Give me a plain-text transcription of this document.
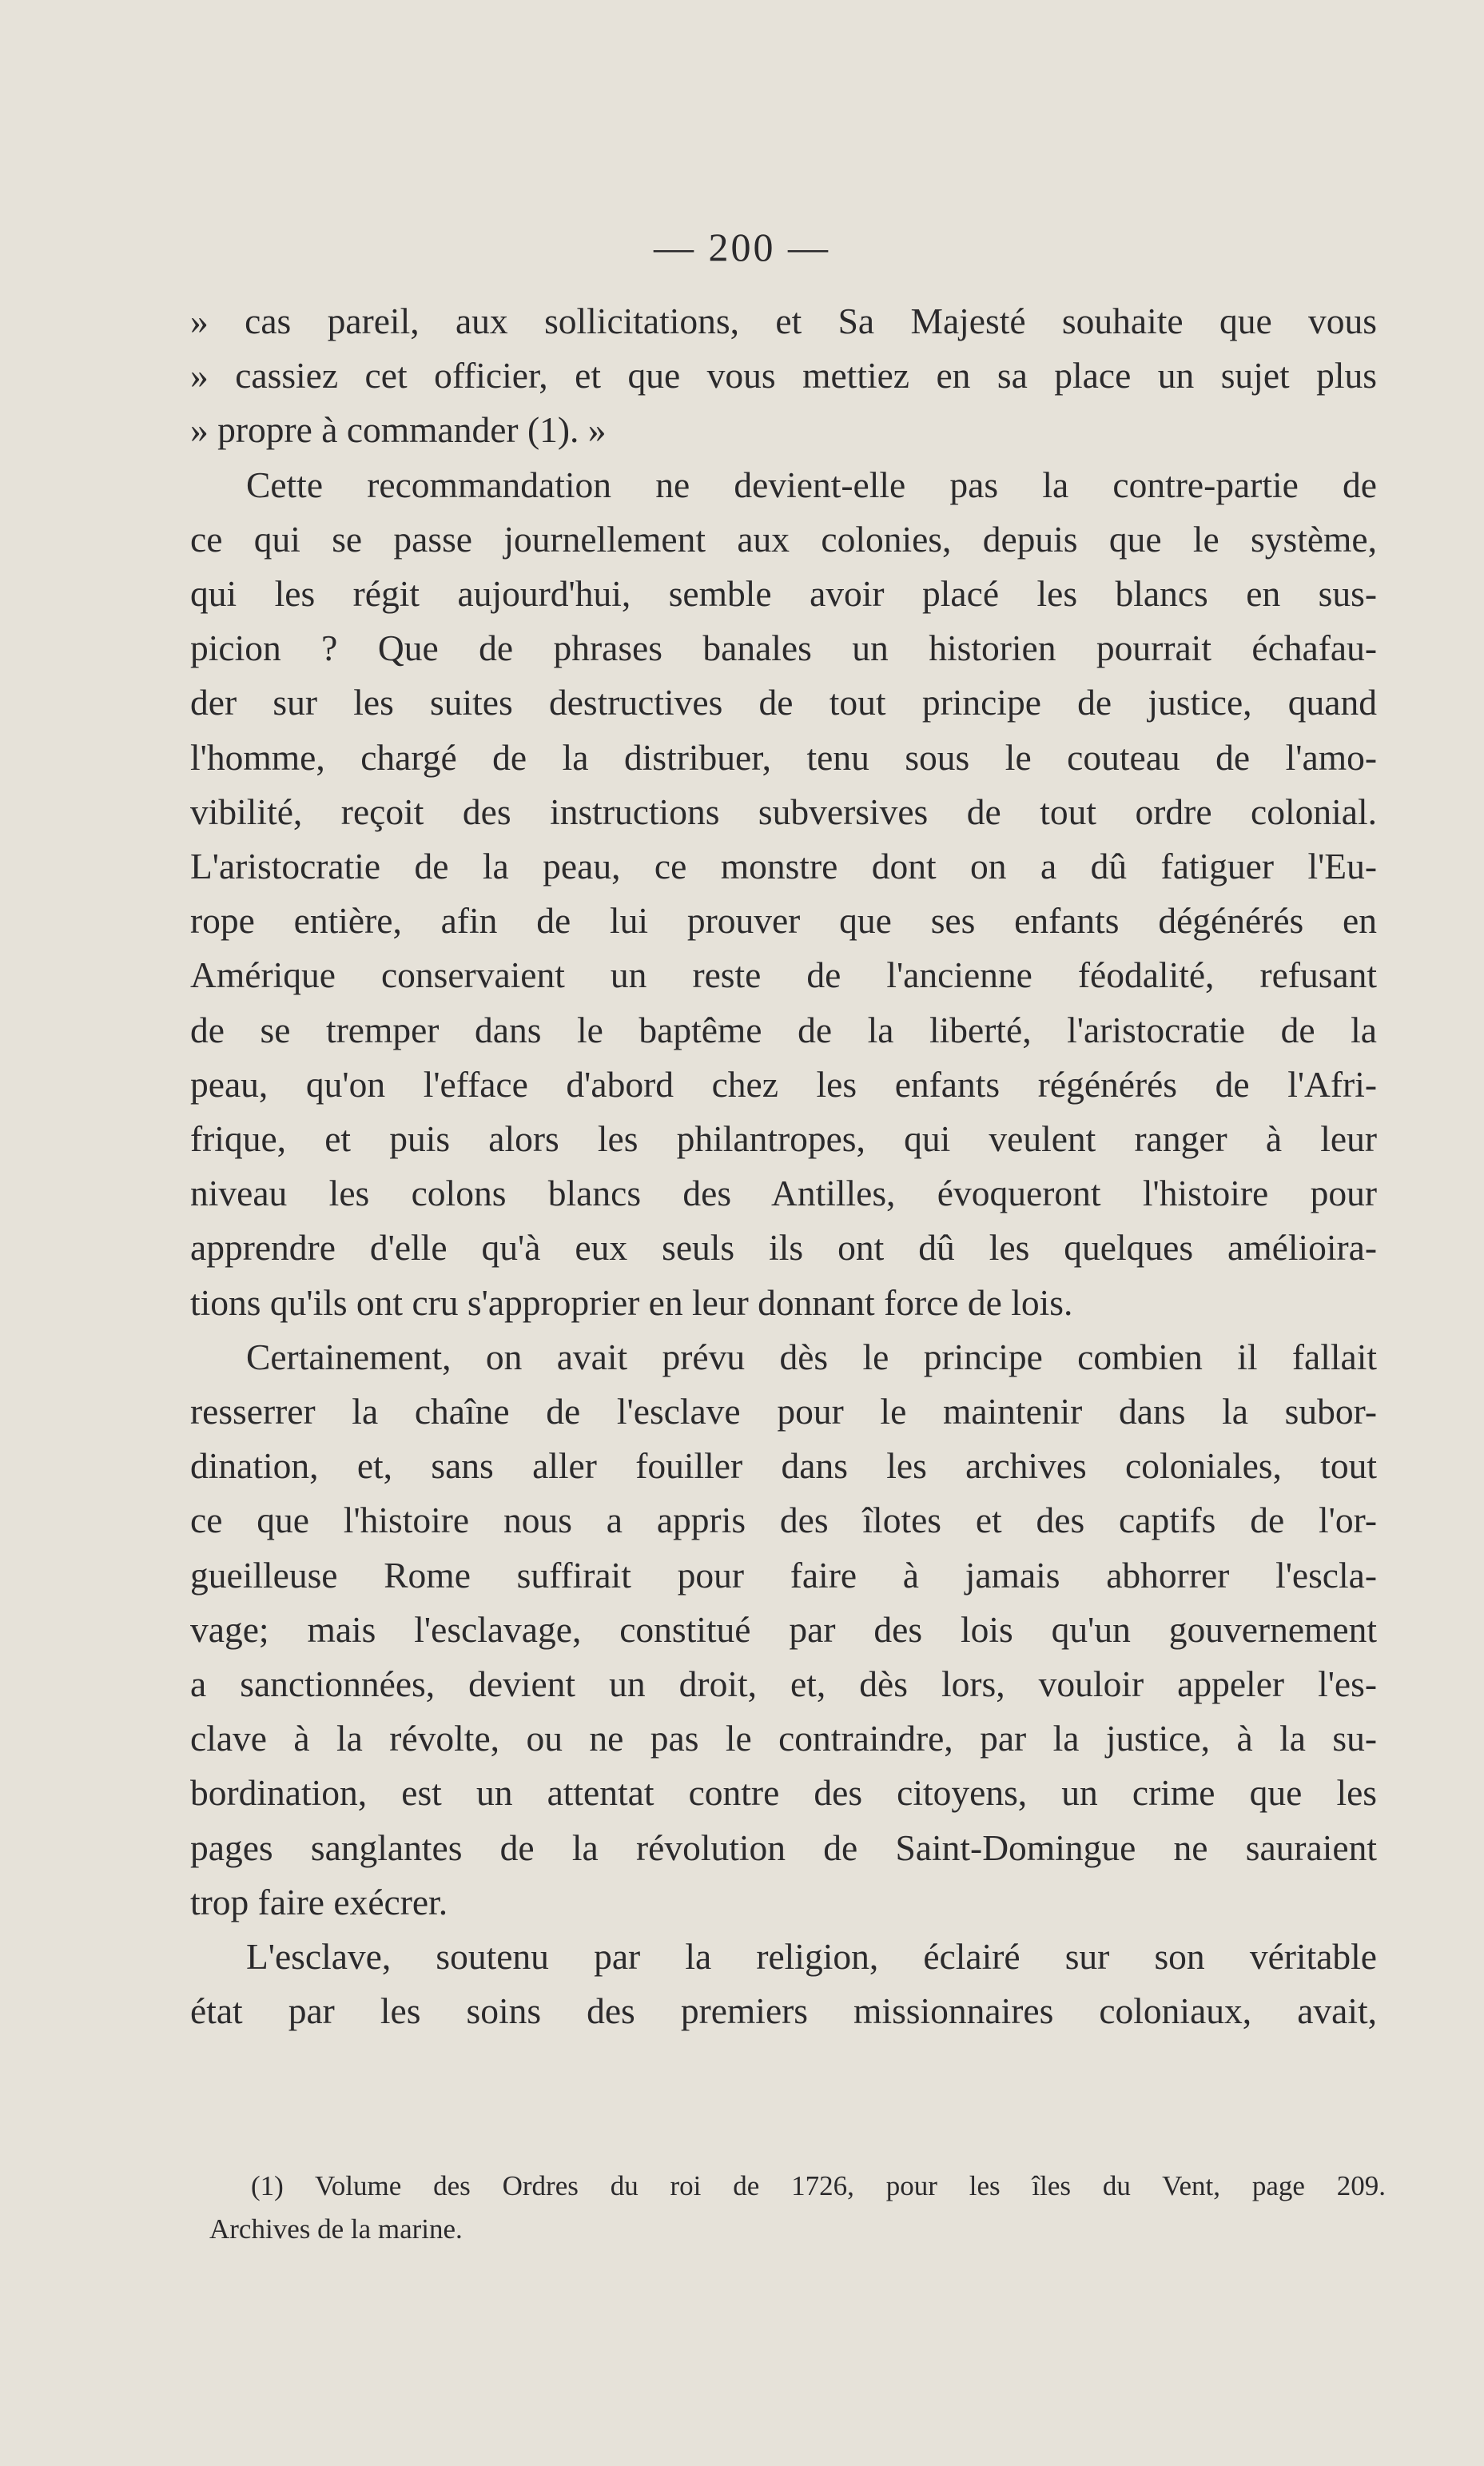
— 200 —

» cas pareil, aux sollicitations, et Sa Majesté souhaite que vous

» cassiez cet officier, et que vous mettiez en sa place un sujet plus

» propre à commander (1). »

Cette recommandation ne devient-elle pas la contre-partie de

ce qui se passe journellement aux colonies, depuis que le système,

qui les régit aujourd'hui, semble avoir placé les blancs en sus-

picion ? Que de phrases banales un historien pourrait échafau-

der sur les suites destructives de tout principe de justice, quand

l'homme, chargé de la distribuer, tenu sous le couteau de l'amo-

vibilité, reçoit des instructions subversives de tout ordre colonial.

L'aristocratie de la peau, ce monstre dont on a dû fatiguer l'Eu-

rope entière, afin de lui prouver que ses enfants dégénérés en

Amérique conservaient un reste de l'ancienne féodalité, refusant

de se tremper dans le baptême de la liberté, l'aristocratie de la

peau, qu'on l'efface d'abord chez les enfants régénérés de l'Afri-

frique, et puis alors les philantropes, qui veulent ranger à leur

niveau les colons blancs des Antilles, évoqueront l'histoire pour

apprendre d'elle qu'à eux seuls ils ont dû les quelques amélioira-

tions qu'ils ont cru s'approprier en leur donnant force de lois.

Certainement, on avait prévu dès le principe combien il fallait

resserrer la chaîne de l'esclave pour le maintenir dans la subor-

dination, et, sans aller fouiller dans les archives coloniales, tout

ce que l'histoire nous a appris des îlotes et des captifs de l'or-

gueilleuse Rome suffirait pour faire à jamais abhorrer l'escla-

vage; mais l'esclavage, constitué par des lois qu'un gouvernement

a sanctionnées, devient un droit, et, dès lors, vouloir appeler l'es-

clave à la révolte, ou ne pas le contraindre, par la justice, à la su-

bordination, est un attentat contre des citoyens, un crime que les

pages sanglantes de la révolution de Saint-Domingue ne sauraient

trop faire exécrer.

L'esclave, soutenu par la religion, éclairé sur son véritable

état par les soins des premiers missionnaires coloniaux, avait,

(1) Volume des Ordres du roi de 1726, pour les îles du Vent, page 209.

Archives de la marine.
